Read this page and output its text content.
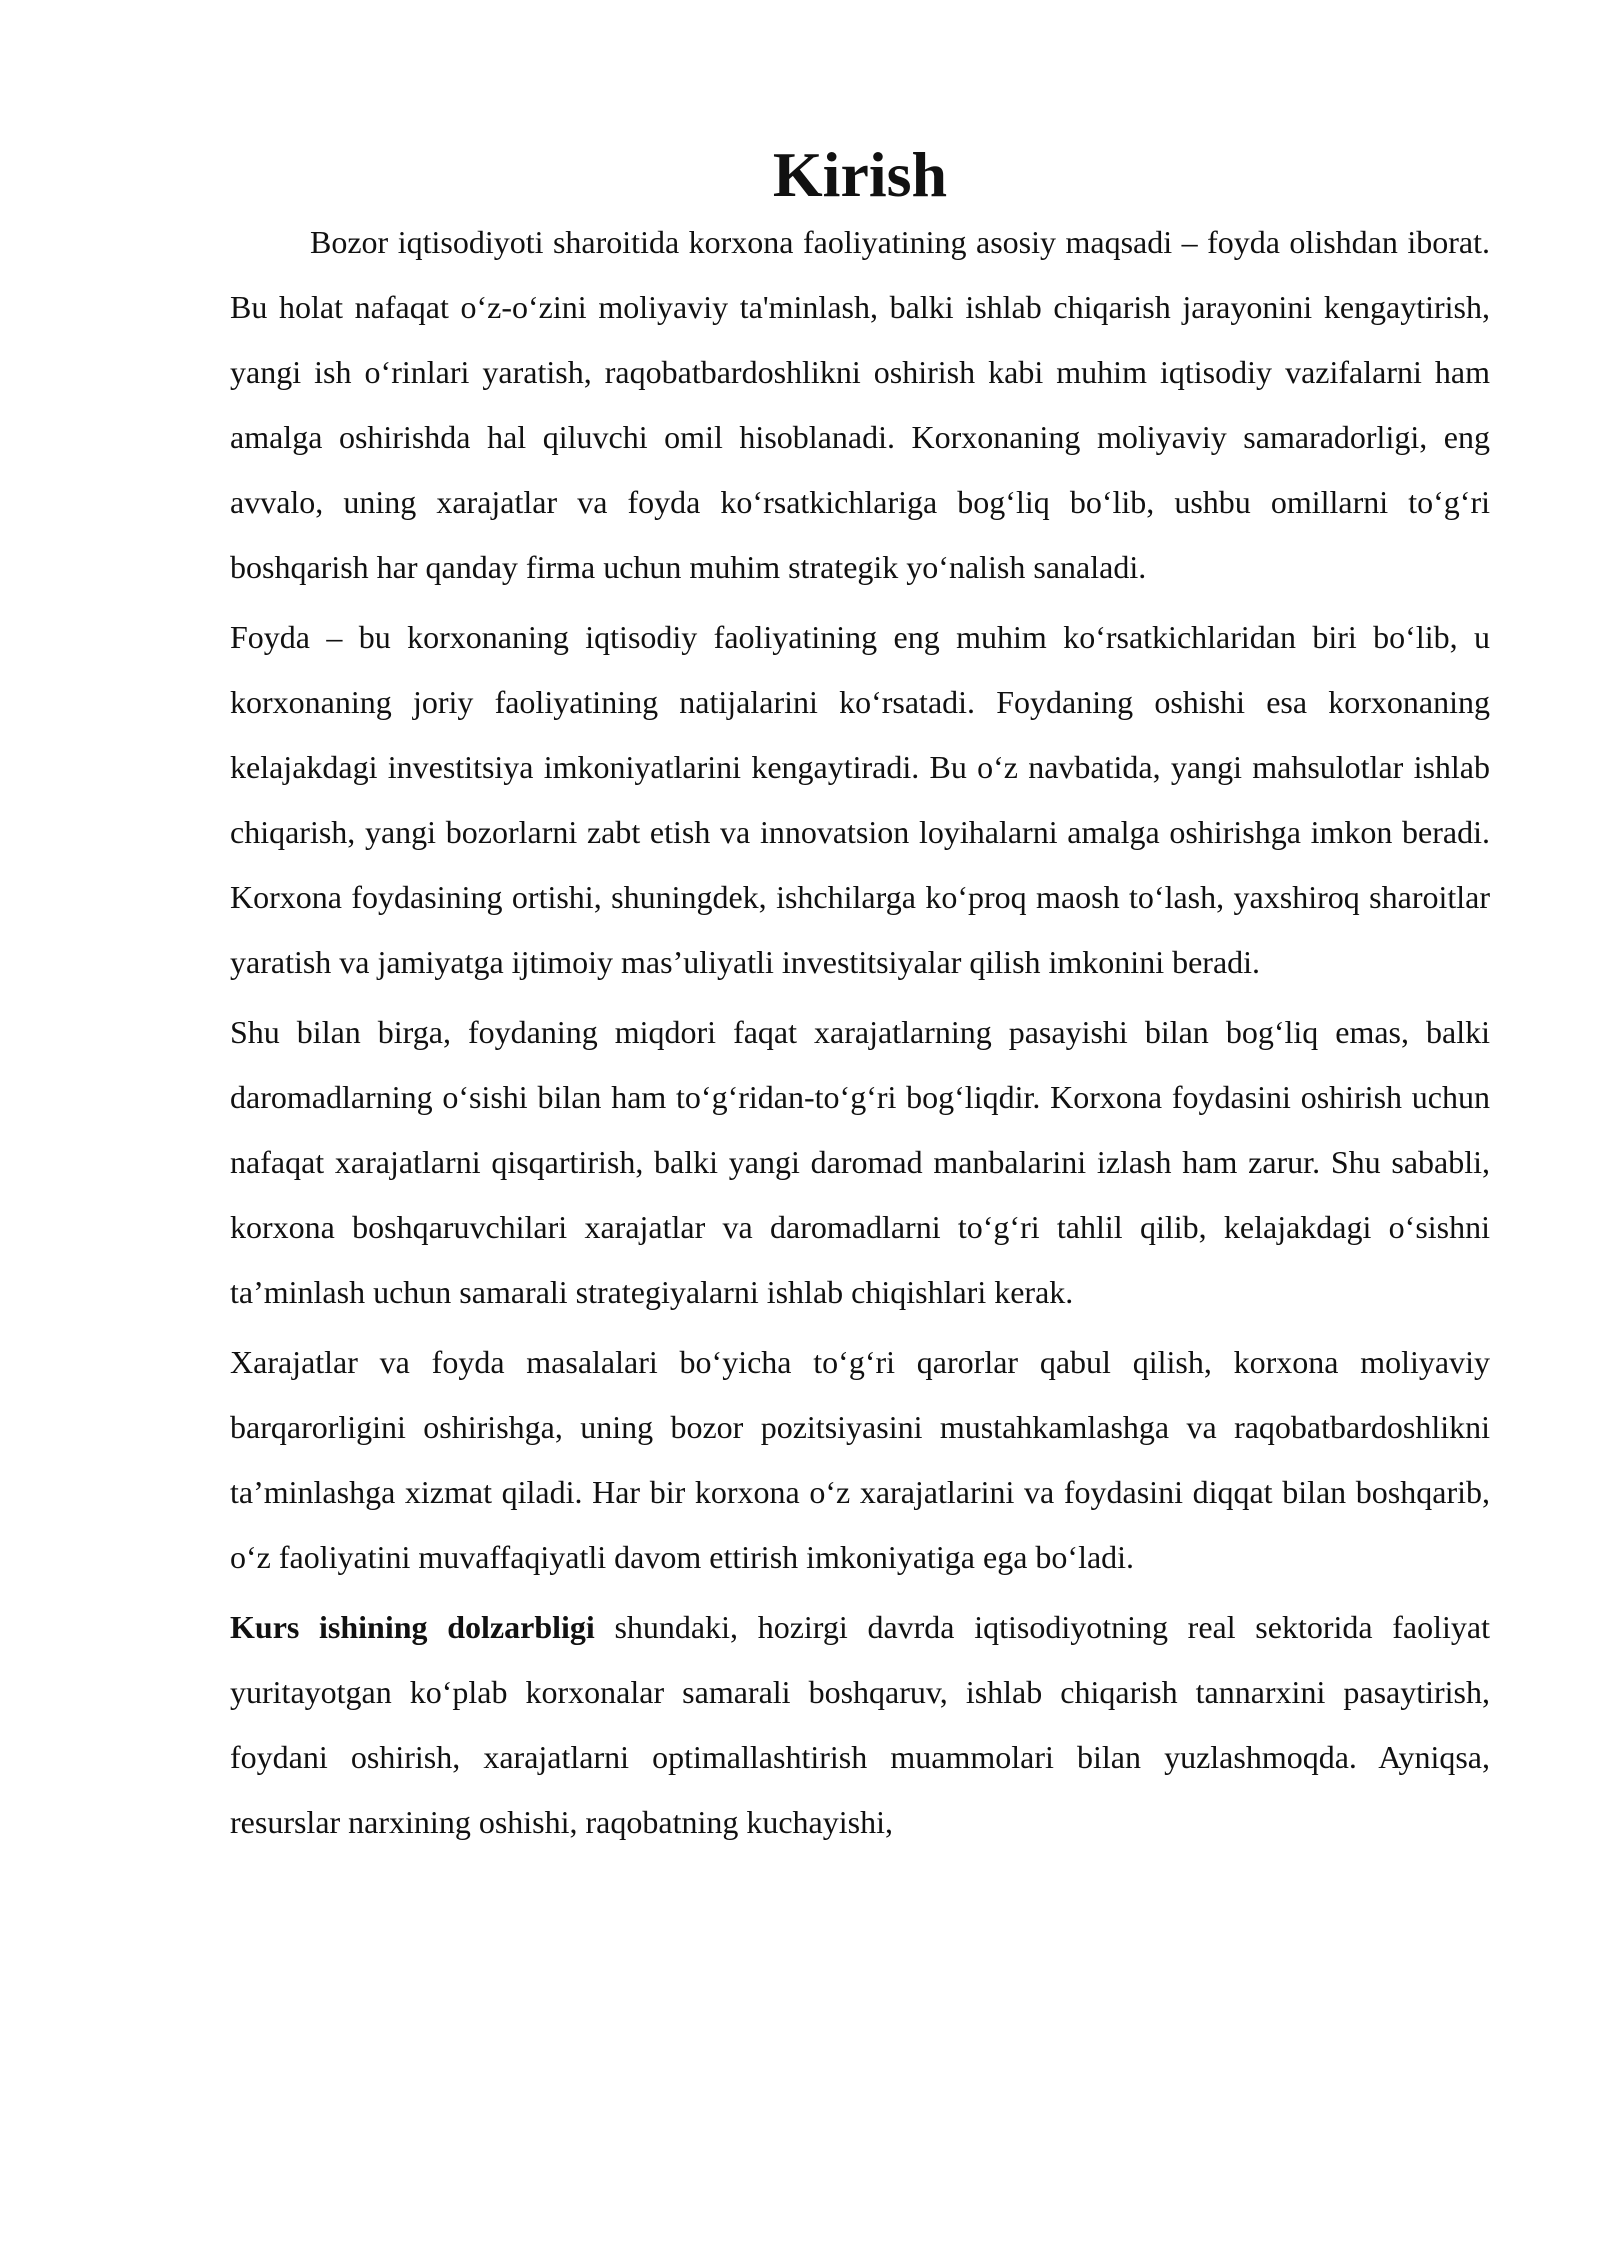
Kirish

Bozor iqtisodiyoti sharoitida korxona faoliyatining asosiy maqsadi – foyda olishdan iborat. Bu holat nafaqat o‘z-o‘zini moliyaviy ta'minlash, balki ishlab chiqarish jarayonini kengaytirish, yangi ish o‘rinlari yaratish, raqobatbardoshlikni oshirish kabi muhim iqtisodiy vazifalarni ham amalga oshirishda hal qiluvchi omil hisoblanadi. Korxonaning moliyaviy samaradorligi, eng avvalo, uning xarajatlar va foyda ko‘rsatkichlariga bog‘liq bo‘lib, ushbu omillarni to‘g‘ri boshqarish har qanday firma uchun muhim strategik yo‘nalish sanaladi.

Foyda – bu korxonaning iqtisodiy faoliyatining eng muhim ko‘rsatkichlaridan biri bo‘lib, u korxonaning joriy faoliyatining natijalarini ko‘rsatadi. Foydaning oshishi esa korxonaning kelajakdagi investitsiya imkoniyatlarini kengaytiradi. Bu o‘z navbatida, yangi mahsulotlar ishlab chiqarish, yangi bozorlarni zabt etish va innovatsion loyihalarni amalga oshirishga imkon beradi. Korxona foydasining ortishi, shuningdek, ishchilarga ko‘proq maosh to‘lash, yaxshiroq sharoitlar yaratish va jamiyatga ijtimoiy mas’uliyatli investitsiyalar qilish imkonini beradi.

Shu bilan birga, foydaning miqdori faqat xarajatlarning pasayishi bilan bog‘liq emas, balki daromadlarning o‘sishi bilan ham to‘g‘ridan-to‘g‘ri bog‘liqdir. Korxona foydasini oshirish uchun nafaqat xarajatlarni qisqartirish, balki yangi daromad manbalarini izlash ham zarur. Shu sababli, korxona boshqaruvchilari xarajatlar va daromadlarni to‘g‘ri tahlil qilib, kelajakdagi o‘sishni ta’minlash uchun samarali strategiyalarni ishlab chiqishlari kerak.

Xarajatlar va foyda masalalari bo‘yicha to‘g‘ri qarorlar qabul qilish, korxona moliyaviy barqarorligini oshirishga, uning bozor pozitsiyasini mustahkamlashga va raqobatbardoshlikni ta’minlashga xizmat qiladi. Har bir korxona o‘z xarajatlarini va foydasini diqqat bilan boshqarib, o‘z faoliyatini muvaffaqiyatli davom ettirish imkoniyatiga ega bo‘ladi.

Kurs ishining dolzarbligi shundaki, hozirgi davrda iqtisodiyotning real sektorida faoliyat yuritayotgan ko‘plab korxonalar samarali boshqaruv, ishlab chiqarish tannarxini pasaytirish, foydani oshirish, xarajatlarni optimallashtirish muammolari bilan yuzlashmoqda. Ayniqsa, resurslar narxining oshishi, raqobatning kuchayishi,
